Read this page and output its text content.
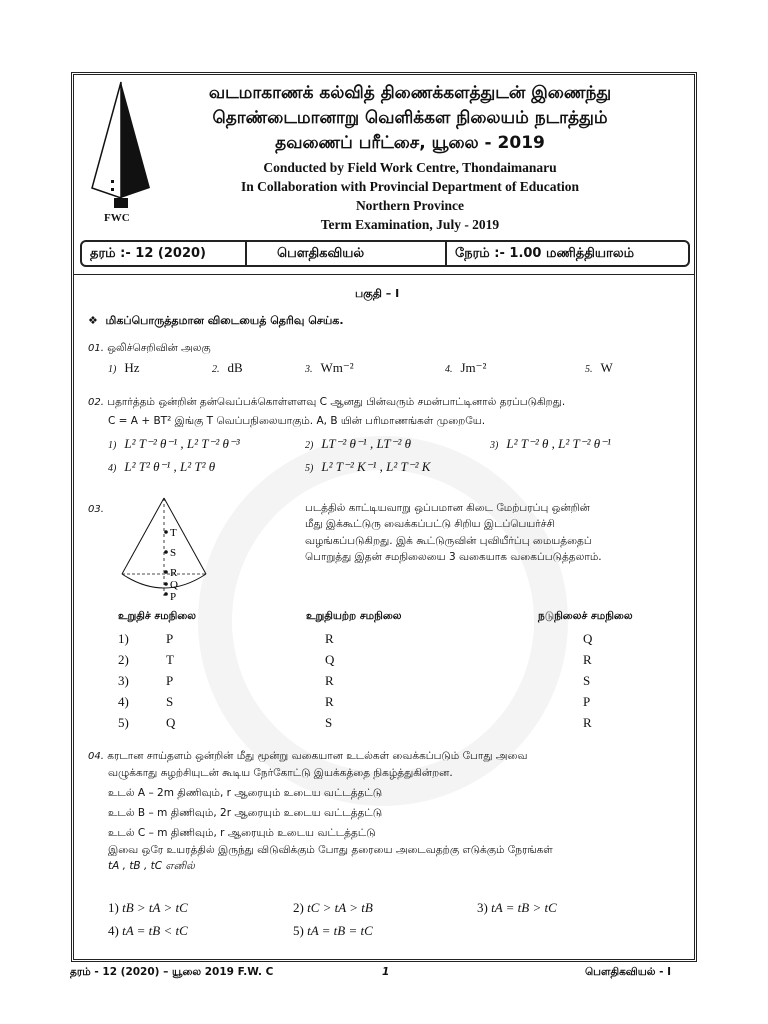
FWC
வடமாகாணக் கல்வித் திணைக்களத்துடன் இணைந்து
தொண்டைமானாறு வெளிக்கள நிலையம் நடாத்தும்
தவணைப் பரீட்சை, யூலை - 2019
Conducted by Field Work Centre, Thondaimanaru
In Collaboration with Provincial Department of Education
Northern Province
Term Examination, July - 2019
தரம் :- 12 (2020)	பௌதிகவியல்	நேரம் :- 1.00 மணித்தியாலம்
பகுதி – I
❖  மிகப்பொருத்தமான விடையைத் தெரிவு செய்க.
01. ஒலிச்செறிவின் அலகு
1) Hz	2. dB	3. Wm⁻²	4. Jm⁻²	5. W
02. பதார்த்தம் ஒன்றின் தன்வெப்பக்கொள்ளளவு C ஆனது பின்வரும் சமன்பாட்டினால் தரப்படுகிறது.
C = A + BT² இங்கு T வெப்பநிலையாகும். A, B யின் பரிமாணங்கள் முறையே.
1) L² T⁻² θ⁻¹ , L² T⁻² θ⁻³	2) LT⁻² θ⁻¹ , LT⁻² θ	3) L² T⁻² θ , L² T⁻² θ⁻¹
4) L² T² θ⁻¹ , L² T² θ	5) L² T⁻² K⁻¹ , L² T⁻² K
03.
T
S
R
Q
P
படத்தில் காட்டியவாறு ஒப்பமான கிடை மேற்பரப்பு ஒன்றின்
மீது இக்கூட்டுரு வைக்கப்பட்டு சிறிய இடப்பெயர்ச்சி
வழங்கப்படுகிறது. இக் கூட்டுருவின் புவியீர்ப்பு மையத்தைப்
பொறுத்து இதன் சமநிலையை 3 வகையாக வகைப்படுத்தலாம்.
உறுதிச் சமநிலை	உறுதியற்ற சமநிலை	நடுநிலைச் சமநிலை
1)	P	R	Q
2)	T	Q	R
3)	P	R	S
4)	S	R	P
5)	Q	S	R
04. கரடான சாய்தளம் ஒன்றின் மீது மூன்று வகையான உடல்கள் வைக்கப்படும் போது அவை
வழுக்காது சுழற்சியுடன் கூடிய நேர்கோட்டு இயக்கத்தை நிகழ்த்துகின்றன.
உடல் A – 2m திணிவும், r ஆரையும் உடைய வட்டத்தட்டு
உடல் B – m திணிவும், 2r ஆரையும் உடைய வட்டத்தட்டு
உடல் C – m திணிவும், r ஆரையும் உடைய வட்டத்தட்டு
இவை ஒரே உயரத்தில் இருந்து விடுவிக்கும் போது தரையை அடைவதற்கு எடுக்கும் நேரங்கள்
tA , tB , tC எனில்
1) tB > tA > tC	2) tC > tA > tB	3) tA = tB > tC
4) tA = tB < tC	5) tA = tB = tC
தரம் - 12 (2020) – யூலை 2019 F.W. C	1	பௌதிகவியல் - I
